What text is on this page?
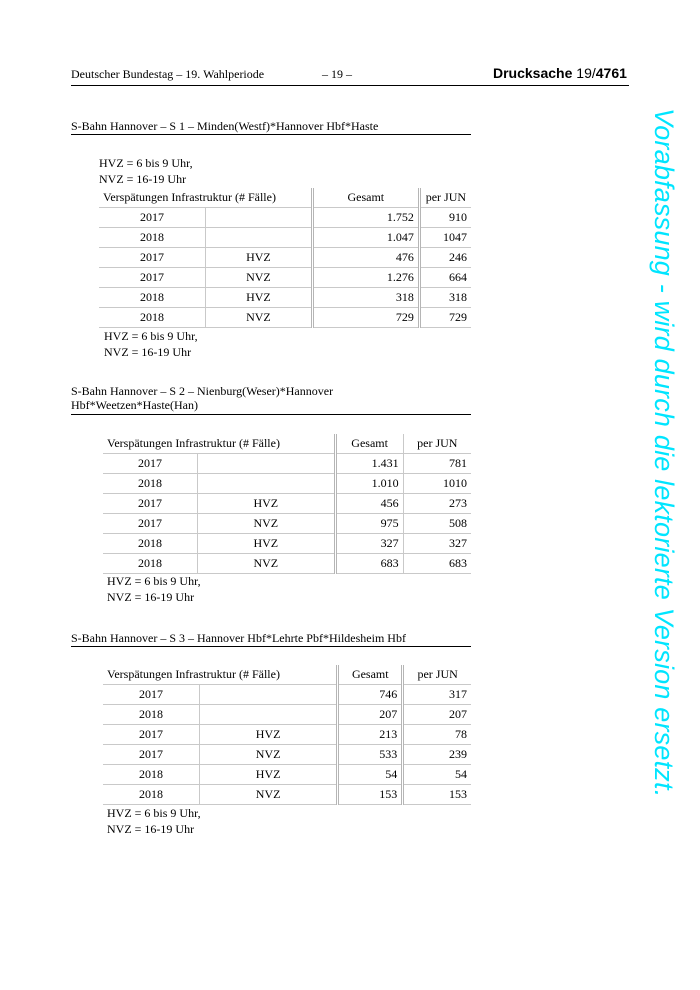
Deutscher Bundestag – 19. Wahlperiode	– 19 –	Drucksache 19/4761
Vorabfassung - wird durch die lektorierte Version ersetzt.
S-Bahn Hannover – S 1 – Minden(Westf)*Hannover Hbf*Haste
HVZ = 6 bis 9 Uhr,
NVZ = 16-19 Uhr
Verspätungen Infrastruktur (# Fälle)		Gesamt	per JUN
2017		1.752	910
2018		1.047	1047
2017	HVZ	476	246
2017	NVZ	1.276	664
2018	HVZ	318	318
2018	NVZ	729	729
HVZ = 6 bis 9 Uhr,
NVZ = 16-19 Uhr
S-Bahn Hannover – S 2 – Nienburg(Weser)*Hannover Hbf*Weetzen*Haste(Han)
Verspätungen Infrastruktur (# Fälle)		Gesamt	per JUN
2017		1.431	781
2018		1.010	1010
2017	HVZ	456	273
2017	NVZ	975	508
2018	HVZ	327	327
2018	NVZ	683	683
HVZ = 6 bis 9 Uhr,
NVZ = 16-19 Uhr
S-Bahn Hannover – S 3 – Hannover Hbf*Lehrte Pbf*Hildesheim Hbf
Verspätungen Infrastruktur (# Fälle)		Gesamt	per JUN
2017		746	317
2018		207	207
2017	HVZ	213	78
2017	NVZ	533	239
2018	HVZ	54	54
2018	NVZ	153	153
HVZ = 6 bis 9 Uhr,
NVZ = 16-19 Uhr
